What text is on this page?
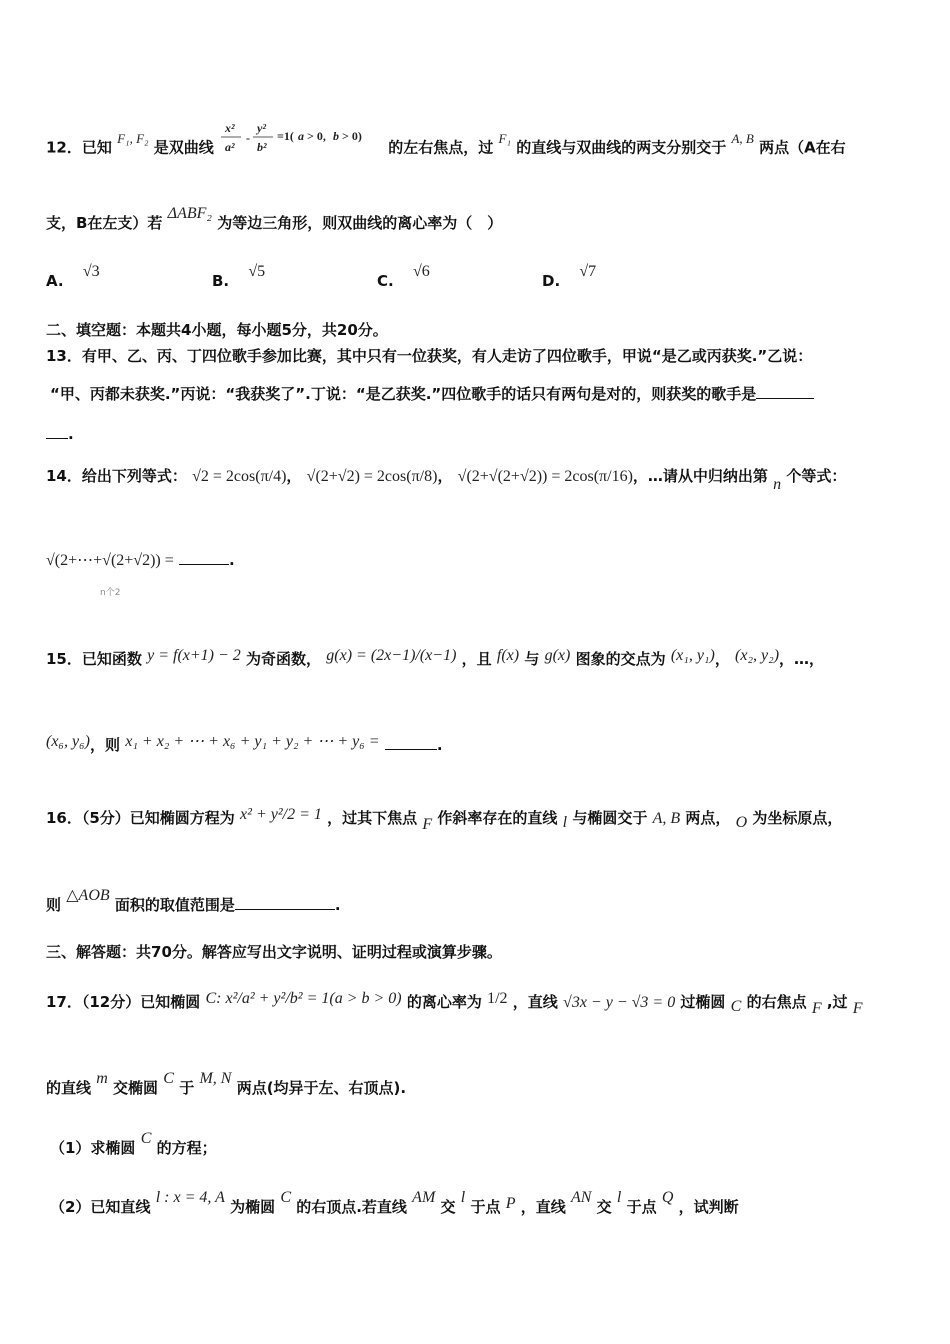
12．已知 F₁, F₂ 是双曲线
x²
a²
-
y²
b²
=1( a > 0, b > 0)
的左右焦点，过 F₁ 的直线与双曲线的两支分别交于 A, B 两点（A在右
支，B在左支）若 ΔABF₂ 为等边三角形，则双曲线的离心率为（　）
A. √3
B. √5
C. √6
D. √7
二、填空题：本题共4小题，每小题5分，共20分。
13．有甲、乙、丙、丁四位歌手参加比赛，其中只有一位获奖，有人走访了四位歌手，甲说“是乙或丙获奖.”乙说：
“甲、丙都未获奖.”丙说：“我获奖了”.丁说：“是乙获奖.”四位歌手的话只有两句是对的，则获奖的歌手是
.
14．给出下列等式： √2 = 2cos(π/4)， √(2+√2) = 2cos(π/8)， √(2+√(2+√2)) = 2cos(π/16)，…请从中归纳出第 n 个等式：
√(2+⋯+√(2+√2)) =	.
n个2
15．已知函数 y = f(x+1) − 2 为奇函数， g(x) = (2x−1)/(x−1) ，且 f(x) 与 g(x) 图象的交点为 (x₁, y₁)， (x₂, y₂)，…，
(x₆, y₆)，则 x₁ + x₂ + ⋯ + x₆ + y₁ + y₂ + ⋯ + y₆ =	.
16．（5分）已知椭圆方程为 x² + y²/2 = 1 ，过其下焦点 F 作斜率存在的直线 l 与椭圆交于 A, B 两点， O 为坐标原点，
则 △AOB 面积的取值范围是	.
三、解答题：共70分。解答应写出文字说明、证明过程或演算步骤。
17．（12分）已知椭圆 C: x²/a² + y²/b² = 1(a > b > 0) 的离心率为 1/2 ，直线 √3x − y − √3 = 0 过椭圆 C 的右焦点 F ,过 F
的直线 m 交椭圆 C 于 M, N 两点(均异于左、右顶点).
（1）求椭圆 C 的方程；
（2）已知直线 l : x = 4, A 为椭圆 C 的右顶点.若直线 AM 交 l 于点 P ，直线 AN 交 l 于点 Q ，试判断
